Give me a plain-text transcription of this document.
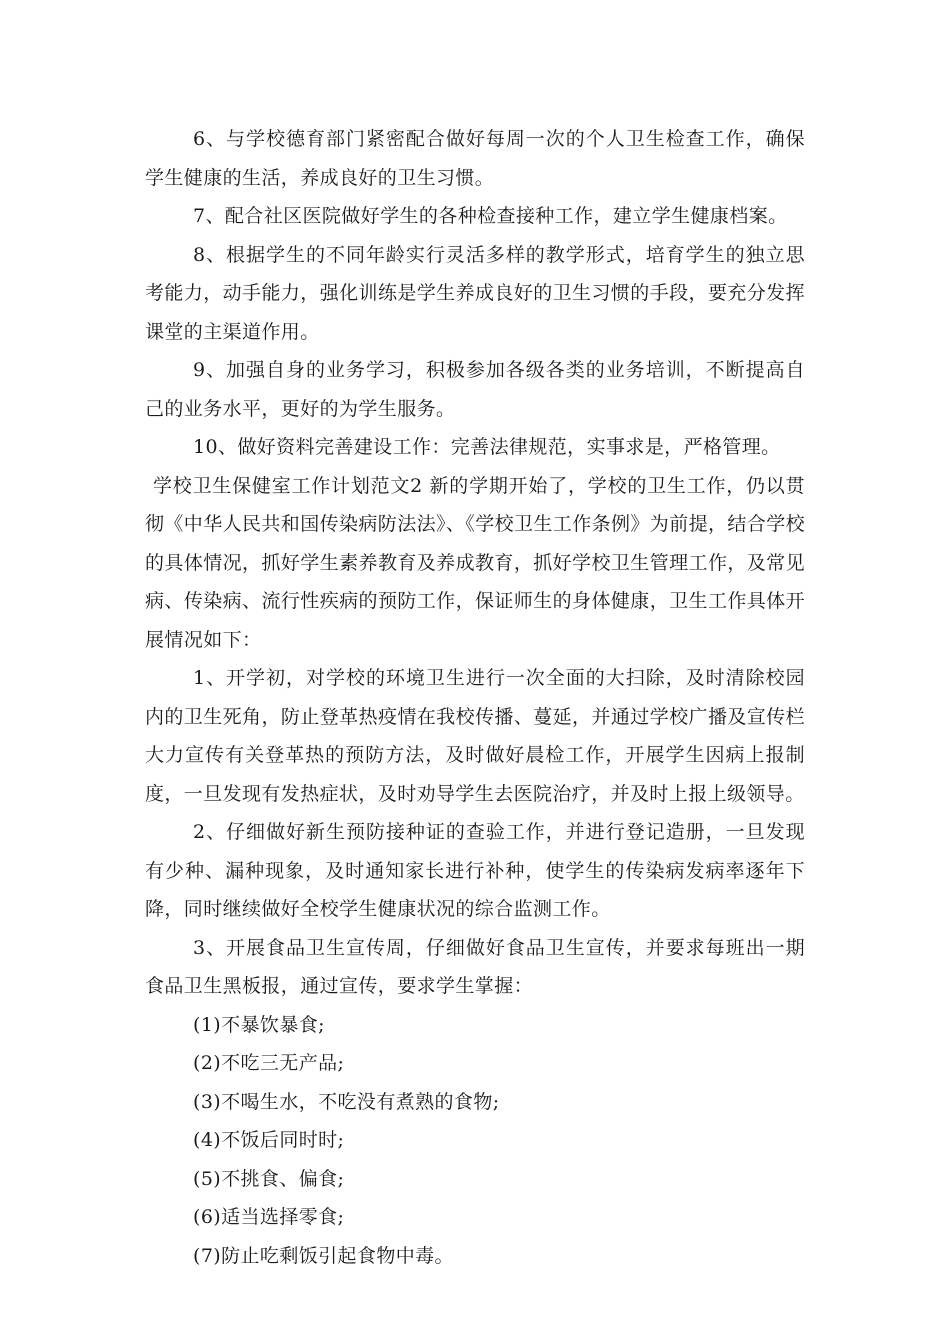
6、与学校德育部门紧密配合做好每周一次的个人卫生检查工作，确保学生健康的生活，养成良好的卫生习惯。

7、配合社区医院做好学生的各种检查接种工作，建立学生健康档案。

8、根据学生的不同年龄实行灵活多样的教学形式，培育学生的独立思考能力，动手能力，强化训练是学生养成良好的卫生习惯的手段，要充分发挥课堂的主渠道作用。

9、加强自身的业务学习，积极参加各级各类的业务培训，不断提高自己的业务水平，更好的为学生服务。

10、做好资料完善建设工作：完善法律规范，实事求是，严格管理。

学校卫生保健室工作计划范文2 新的学期开始了，学校的卫生工作，仍以贯彻《中华人民共和国传染病防法法》、《学校卫生工作条例》为前提，结合学校的具体情况，抓好学生素养教育及养成教育，抓好学校卫生管理工作，及常见病、传染病、流行性疾病的预防工作，保证师生的身体健康，卫生工作具体开展情况如下：

1、开学初，对学校的环境卫生进行一次全面的大扫除，及时清除校园内的卫生死角，防止登革热疫情在我校传播、蔓延，并通过学校广播及宣传栏大力宣传有关登革热的预防方法，及时做好晨检工作，开展学生因病上报制度，一旦发现有发热症状，及时劝导学生去医院治疗，并及时上报上级领导。

2、仔细做好新生预防接种证的查验工作，并进行登记造册，一旦发现有少种、漏种现象，及时通知家长进行补种，使学生的传染病发病率逐年下降，同时继续做好全校学生健康状况的综合监测工作。

3、开展食品卫生宣传周，仔细做好食品卫生宣传，并要求每班出一期食品卫生黑板报，通过宣传，要求学生掌握：

(1)不暴饮暴食;

(2)不吃三无产品;

(3)不喝生水，不吃没有煮熟的食物;

(4)不饭后同时时;

(5)不挑食、偏食;

(6)适当选择零食;

(7)防止吃剩饭引起食物中毒。
